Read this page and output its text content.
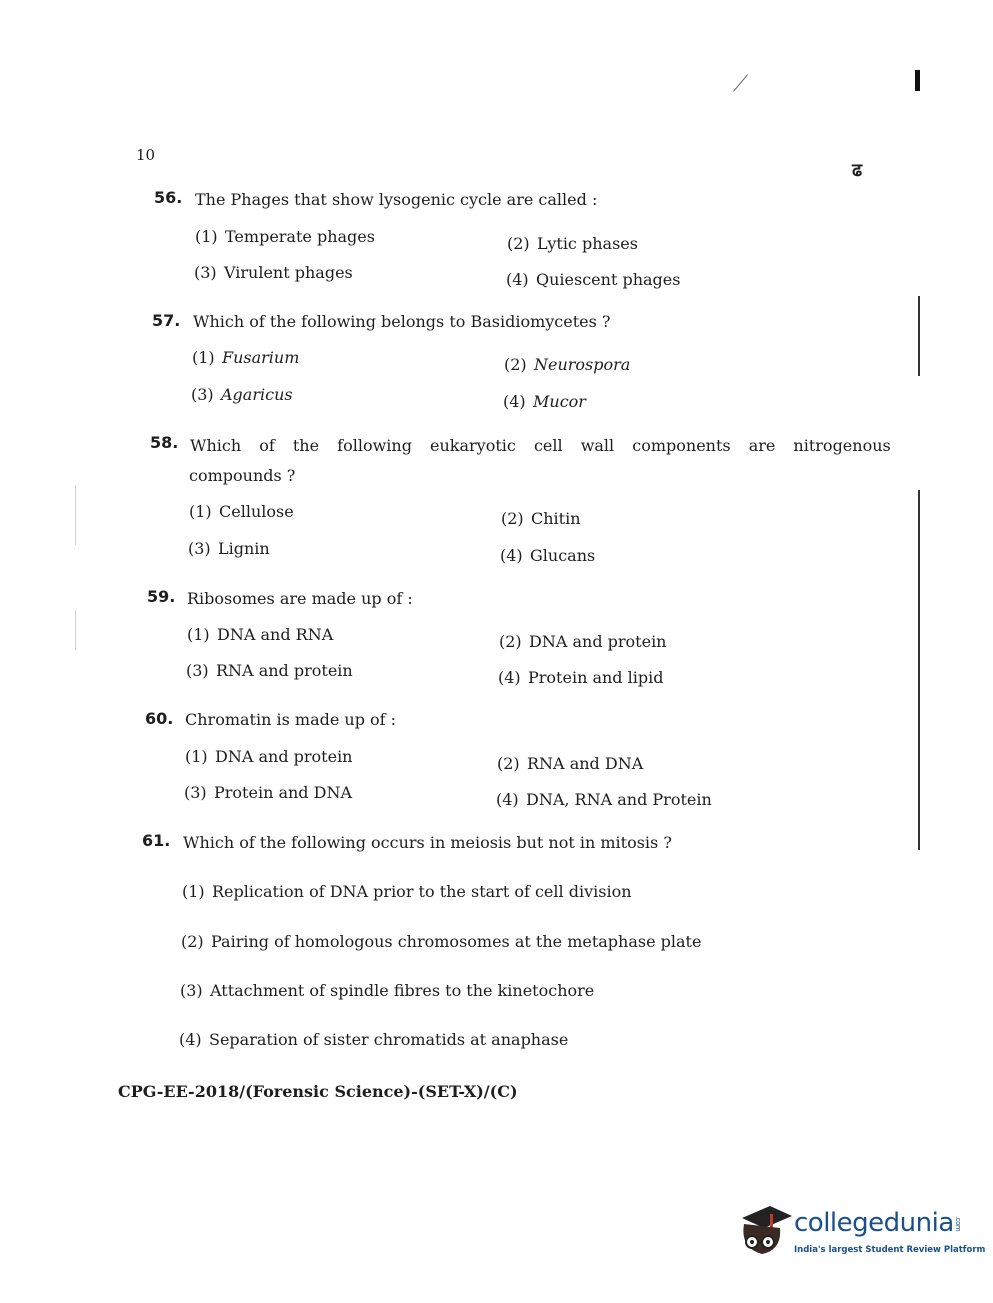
10
ढ
56. The Phages that show lysogenic cycle are called :
(1) Temperate phages	(2) Lytic phases
(3) Virulent phages	(4) Quiescent phages
57. Which of the following belongs to Basidiomycetes ?
(1) Fusarium	(2) Neurospora
(3) Agaricus	(4) Mucor
58. Which of the following eukaryotic cell wall components are nitrogenous
compounds ?
(1) Cellulose	(2) Chitin
(3) Lignin	(4) Glucans
59. Ribosomes are made up of :
(1) DNA and RNA	(2) DNA and protein
(3) RNA and protein	(4) Protein and lipid
60. Chromatin is made up of :
(1) DNA and protein	(2) RNA and DNA
(3) Protein and DNA	(4) DNA, RNA and Protein
61. Which of the following occurs in meiosis but not in mitosis ?
(1) Replication of DNA prior to the start of cell division
(2) Pairing of homologous chromosomes at the metaphase plate
(3) Attachment of spindle fibres to the kinetochore
(4) Separation of sister chromatids at anaphase
CPG-EE-2018/(Forensic Science)-(SET-X)/(C)
collegedunia.com
India's largest Student Review Platform
